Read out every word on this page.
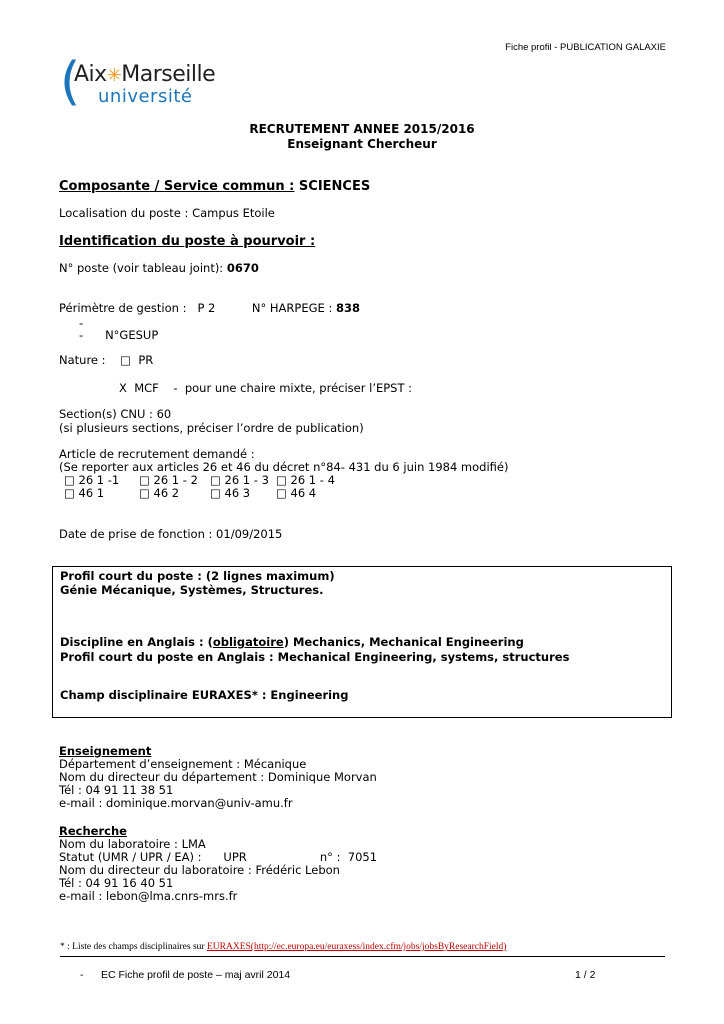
Fiche profil - PUBLICATION GALAXIE
(
Aix✳Marseille
université
RECRUTEMENT ANNEE 2015/2016
Enseignant Chercheur
Composante / Service commun : SCIENCES
Localisation du poste : Campus Etoile
Identification du poste à pourvoir :
N° poste (voir tableau joint): 0670
Périmètre de gestion :   P 2          N° HARPEGE : 838
-
-      N°GESUP
Nature :    □  PR
X  MCF    -  pour une chaire mixte, préciser l’EPST :
Section(s) CNU : 60
(si plusieurs sections, préciser l’ordre de publication)
Article de recrutement demandé :
(Se reporter aux articles 26 et 46 du décret n°84- 431 du 6 juin 1984 modifié)
□ 26 1 -1 □ 26 1 - 2 □ 26 1 - 3 □ 26 1 - 4
□ 46 1	□ 46 2	□ 46 3 □ 46 4
Date de prise de fonction : 01/09/2015
Profil court du poste : (2 lignes maximum)
Génie Mécanique, Systèmes, Structures.
Discipline en Anglais : (obligatoire) Mechanics, Mechanical Engineering
Profil court du poste en Anglais : Mechanical Engineering, systems, structures
Champ disciplinaire EURAXES* : Engineering
Enseignement
Département d’enseignement : Mécanique
Nom du directeur du département : Dominique Morvan
Tél : 04 91 11 38 51
e-mail : dominique.morvan@univ-amu.fr
Recherche
Nom du laboratoire : LMA
Statut (UMR / UPR / EA) :      UPR                    n° :  7051
Nom du directeur du laboratoire : Frédéric Lebon
Tél : 04 91 16 40 51
e-mail : lebon@lma.cnrs-mrs.fr
* : Liste des champs disciplinaires sur EURAXES(http://ec.europa.eu/euraxess/index.cfm/jobs/jobsByResearchField)
- EC Fiche profil de poste – maj avril 2014	1 / 2
